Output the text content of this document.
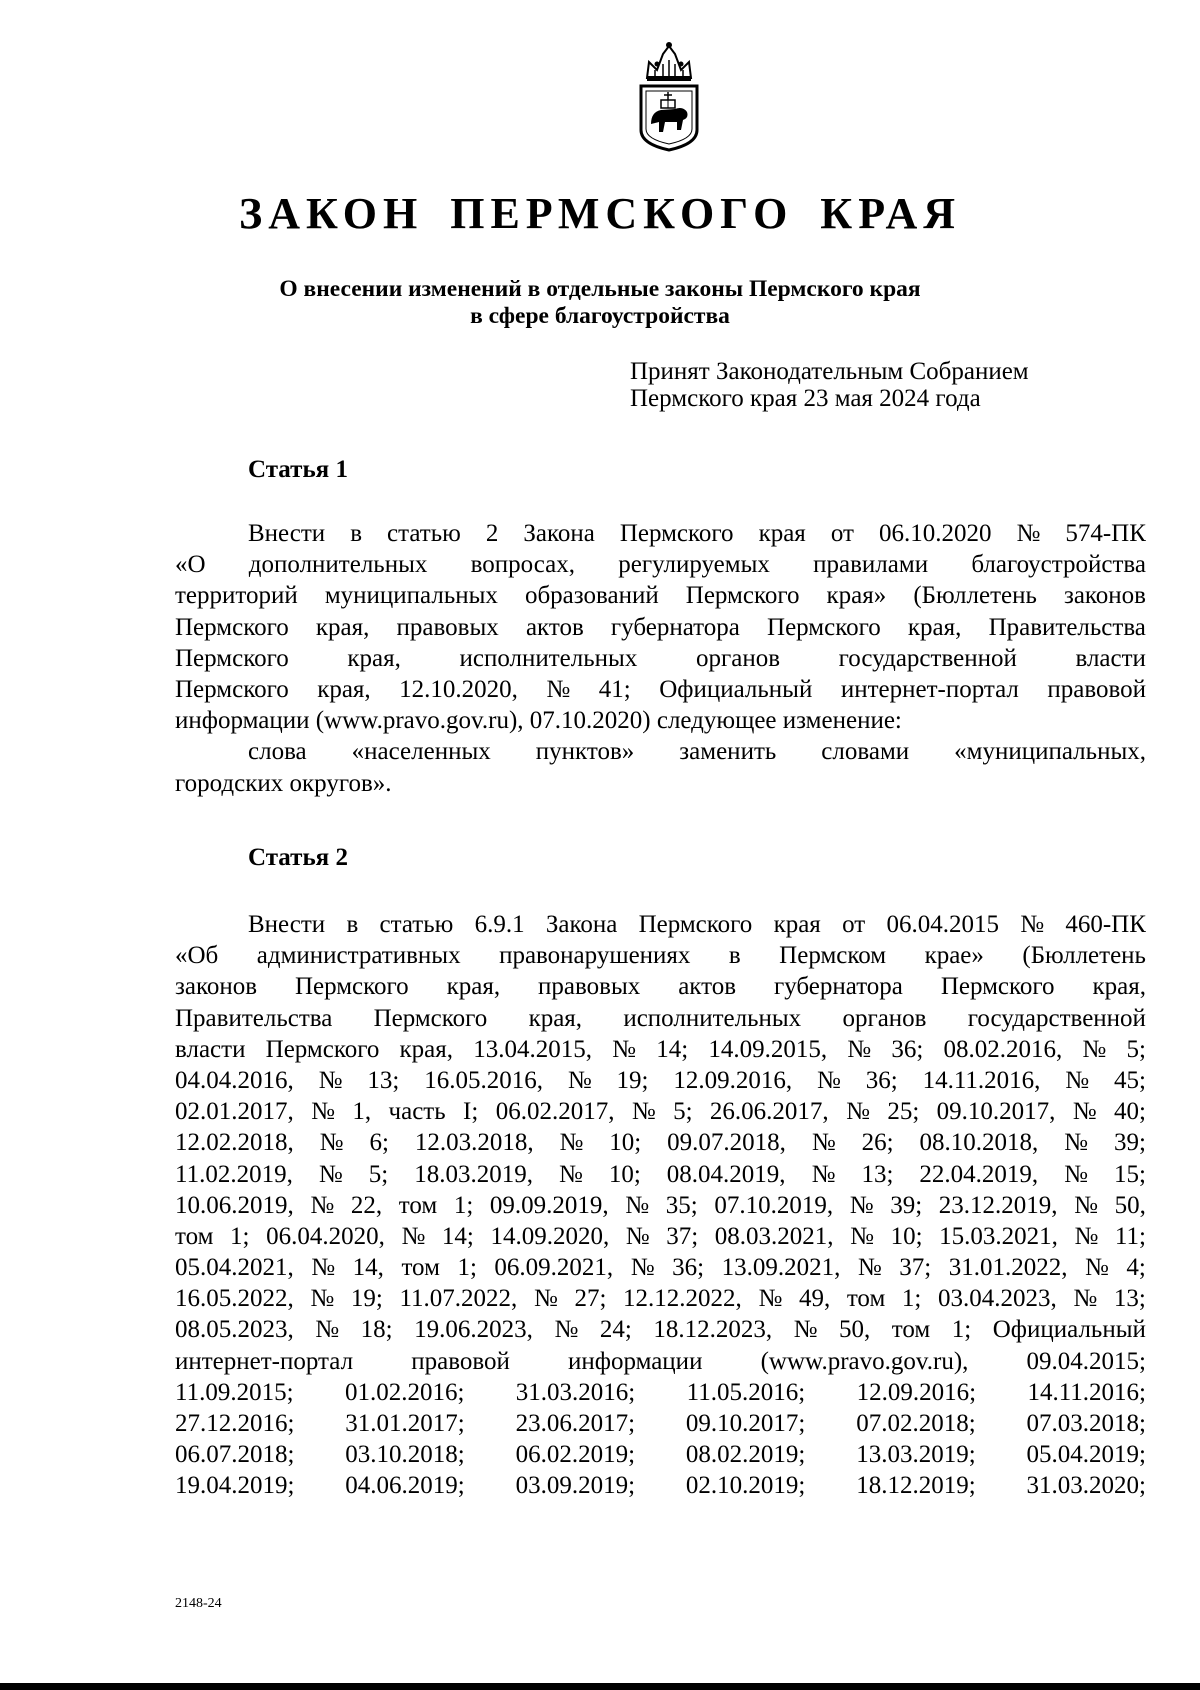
ЗАКОН ПЕРМСКОГО КРАЯ
О внесении изменений в отдельные законы Пермского края
в сфере благоустройства
Принят Законодательным Собранием
Пермского края 23 мая 2024 года
Статья 1
Внести в статью 2 Закона Пермского края от 06.10.2020 № 574-ПК
«О дополнительных вопросах, регулируемых правилами благоустройства
территорий муниципальных образований Пермского края» (Бюллетень законов
Пермского края, правовых актов губернатора Пермского края, Правительства
Пермского края, исполнительных органов государственной власти
Пермского края, 12.10.2020, № 41; Официальный интернет-портал правовой
информации (www.pravo.gov.ru), 07.10.2020) следующее изменение:
слова «населенных пунктов» заменить словами «муниципальных,
городских округов».
Статья 2
Внести в статью 6.9.1 Закона Пермского края от 06.04.2015 № 460-ПК
«Об административных правонарушениях в Пермском крае» (Бюллетень
законов Пермского края, правовых актов губернатора Пермского края,
Правительства Пермского края, исполнительных органов государственной
власти Пермского края, 13.04.2015, № 14; 14.09.2015, № 36; 08.02.2016, № 5;
04.04.2016, № 13; 16.05.2016, № 19; 12.09.2016, № 36; 14.11.2016, № 45;
02.01.2017, № 1, часть I; 06.02.2017, № 5; 26.06.2017, № 25; 09.10.2017, № 40;
12.02.2018, № 6; 12.03.2018, № 10; 09.07.2018, № 26; 08.10.2018, № 39;
11.02.2019, № 5; 18.03.2019, № 10; 08.04.2019, № 13; 22.04.2019, № 15;
10.06.2019, № 22, том 1; 09.09.2019, № 35; 07.10.2019, № 39; 23.12.2019, № 50,
том 1; 06.04.2020, № 14; 14.09.2020, № 37; 08.03.2021, № 10; 15.03.2021, № 11;
05.04.2021, № 14, том 1; 06.09.2021, № 36; 13.09.2021, № 37; 31.01.2022, № 4;
16.05.2022, № 19; 11.07.2022, № 27; 12.12.2022, № 49, том 1; 03.04.2023, № 13;
08.05.2023, № 18; 19.06.2023, № 24; 18.12.2023, № 50, том 1; Официальный
интернет-портал правовой информации (www.pravo.gov.ru), 09.04.2015;
11.09.2015; 01.02.2016; 31.03.2016; 11.05.2016; 12.09.2016; 14.11.2016;
27.12.2016; 31.01.2017; 23.06.2017; 09.10.2017; 07.02.2018; 07.03.2018;
06.07.2018; 03.10.2018; 06.02.2019; 08.02.2019; 13.03.2019; 05.04.2019;
19.04.2019; 04.06.2019; 03.09.2019; 02.10.2019; 18.12.2019; 31.03.2020;
2148-24
